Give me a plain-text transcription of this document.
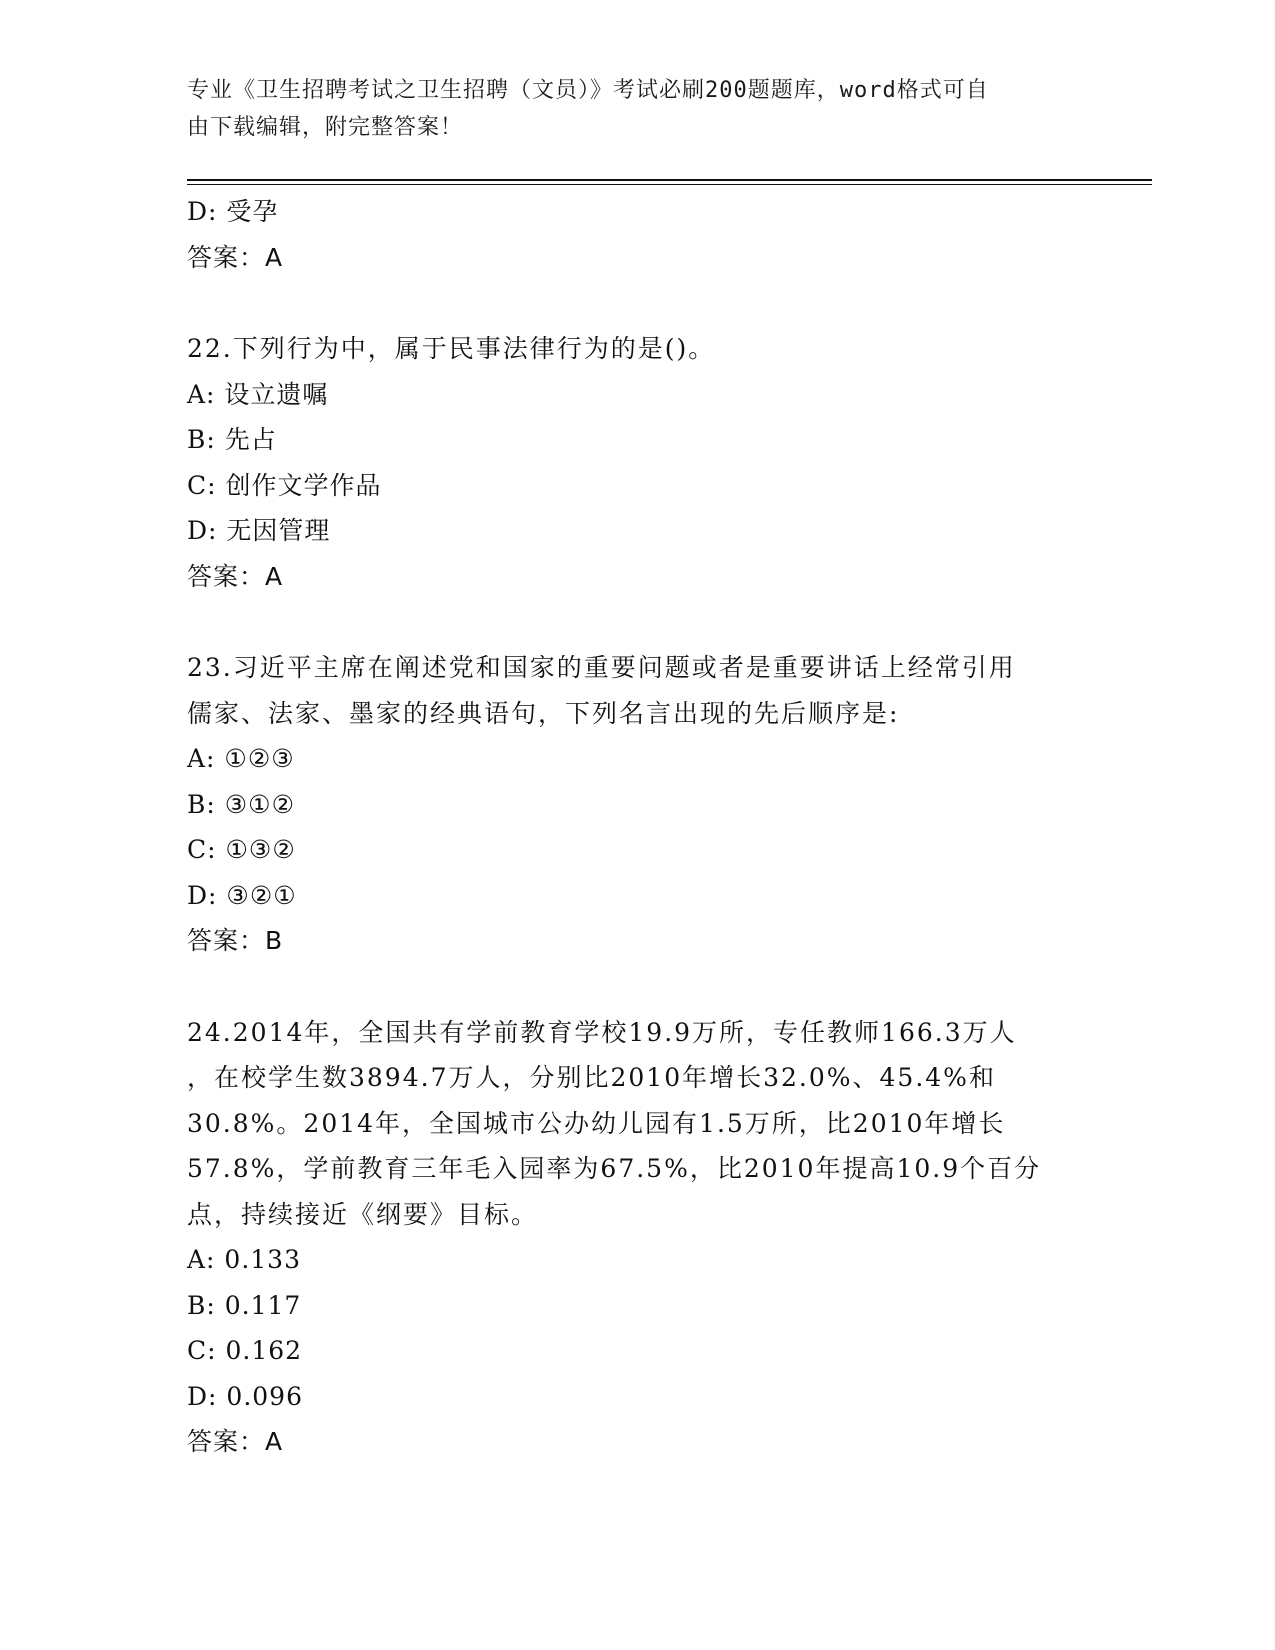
专业《卫生招聘考试之卫生招聘（文员）》考试必刷200题题库，word格式可自
由下载编辑，附完整答案！
D: 受孕
答案：A
22.下列行为中，属于民事法律行为的是()。
A: 设立遗嘱
B: 先占
C: 创作文学作品
D: 无因管理
答案：A
23.习近平主席在阐述党和国家的重要问题或者是重要讲话上经常引用
儒家、法家、墨家的经典语句，下列名言出现的先后顺序是:
A: ①②③
B: ③①②
C: ①③②
D: ③②①
答案：B
24.2014年，全国共有学前教育学校19.9万所，专任教师166.3万人
，在校学生数3894.7万人，分别比2010年增长32.0%、45.4%和
30.8%。2014年，全国城市公办幼儿园有1.5万所，比2010年增长
57.8%，学前教育三年毛入园率为67.5%，比2010年提高10.9个百分
点，持续接近《纲要》目标。
A: 0.133
B: 0.117
C: 0.162
D: 0.096
答案：A
